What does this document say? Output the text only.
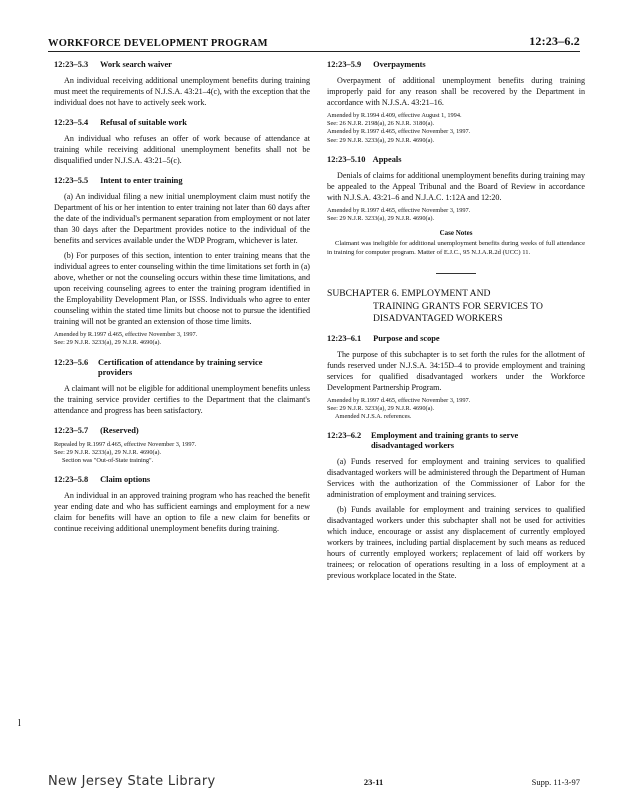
WORKFORCE DEVELOPMENT PROGRAM	12:23–6.2
12:23–5.3 Work search waiver

An individual receiving additional unemployment benefits during training must meet the requirements of N.J.S.A. 43:21–4(c), with the exception that the individual does not have to actively seek work.

12:23–5.4 Refusal of suitable work

An individual who refuses an offer of work because of attendance at training while receiving additional unemployment benefits shall not be disqualified under N.J.S.A. 43:21–5(c).

12:23–5.5 Intent to enter training

(a) An individual filing a new initial unemployment claim must notify the Department of his or her intention to enter training not later than 60 days after the date of the individual's permanent separation from employment or not later than 30 days after the Department provides notice to the individual of the benefits and services available under the WDP Program, whichever is later.

(b) For purposes of this section, intention to enter training means that the individual agrees to enter counseling within the time limitations set forth in (a) above, whether or not the counseling occurs within these time limitations, and upon receiving counseling agrees to enter the training program identified in the Employability Development Plan, or ISSS. Individuals who agree to enter counseling within the stated time limits but choose not to pursue the identified training will not be granted an extension of those time limits.

Amended by R.1997 d.465, effective November 3, 1997.
See: 29 N.J.R. 3233(a), 29 N.J.R. 4690(a).
12:23–5.6 Certification of attendance by training service providers

A claimant will not be eligible for additional unemployment benefits unless the training service provider certifies to the Department that the claimant's attendance and progress has been satisfactory.

12:23–5.7 (Reserved)
Repealed by R.1997 d.465, effective November 3, 1997.
See: 29 N.J.R. 3233(a), 29 N.J.R. 4690(a).
Section was "Out-of-State training".
12:23–5.8 Claim options

An individual in an approved training program who has reached the benefit year ending date and who has sufficient earnings and employment for a new claim for benefits will have an option to file a new claim for benefits or continue receiving additional unemployment benefits during training.

12:23–5.9 Overpayments

Overpayment of additional unemployment benefits during training improperly paid for any reason shall be recovered by the Department in accordance with N.J.S.A. 43:21–16.

Amended by R.1994 d.409, effective August 1, 1994.
See: 26 N.J.R. 2198(a), 26 N.J.R. 3180(a).
Amended by R.1997 d.465, effective November 3, 1997.
See: 29 N.J.R. 3233(a), 29 N.J.R. 4690(a).
12:23–5.10 Appeals

Denials of claims for additional unemployment benefits during training may be appealed to the Appeal Tribunal and the Board of Review in accordance with N.J.S.A. 43:21–6 and N.J.A.C. 1:12A and 12:20.

Amended by R.1997 d.465, effective November 3, 1997.
See: 29 N.J.R. 3233(a), 29 N.J.R. 4690(a).
Case Notes

Claimant was ineligible for additional unemployment benefits during weeks of full attendance in training for computer program. Matter of E.J.C., 95 N.J.A.R.2d (UCC) 11.

SUBCHAPTER 6. EMPLOYMENT AND
TRAINING GRANTS FOR SERVICES TO
DISADVANTAGED WORKERS
12:23–6.1 Purpose and scope

The purpose of this subchapter is to set forth the rules for the allotment of funds reserved under N.J.S.A. 34:15D–4 to provide employment and training services for qualified disadvantaged workers under the Workforce Development Partnership Program.

Amended by R.1997 d.465, effective November 3, 1997.
See: 29 N.J.R. 3233(a), 29 N.J.R. 4690(a).
Amended N.J.S.A. references.
12:23–6.2 Employment and training grants to serve disadvantaged workers

(a) Funds reserved for employment and training services to qualified disadvantaged workers will be administered through the Department of Human Services with the authorization of the Commissioner of Labor for the administration of employment and training services.

(b) Funds available for employment and training services to qualified disadvantaged workers under this subchapter shall not be used for activities which induce, encourage or assist any displacement of currently employed workers by trainees, including partial displacement by such means as reduced hours of currently employed workers; replacement of laid off workers by trainees; or relocation of operations resulting in a loss of employment at a previous workplace located in the State.

l
New Jersey State Library	23-11	Supp. 11-3-97
